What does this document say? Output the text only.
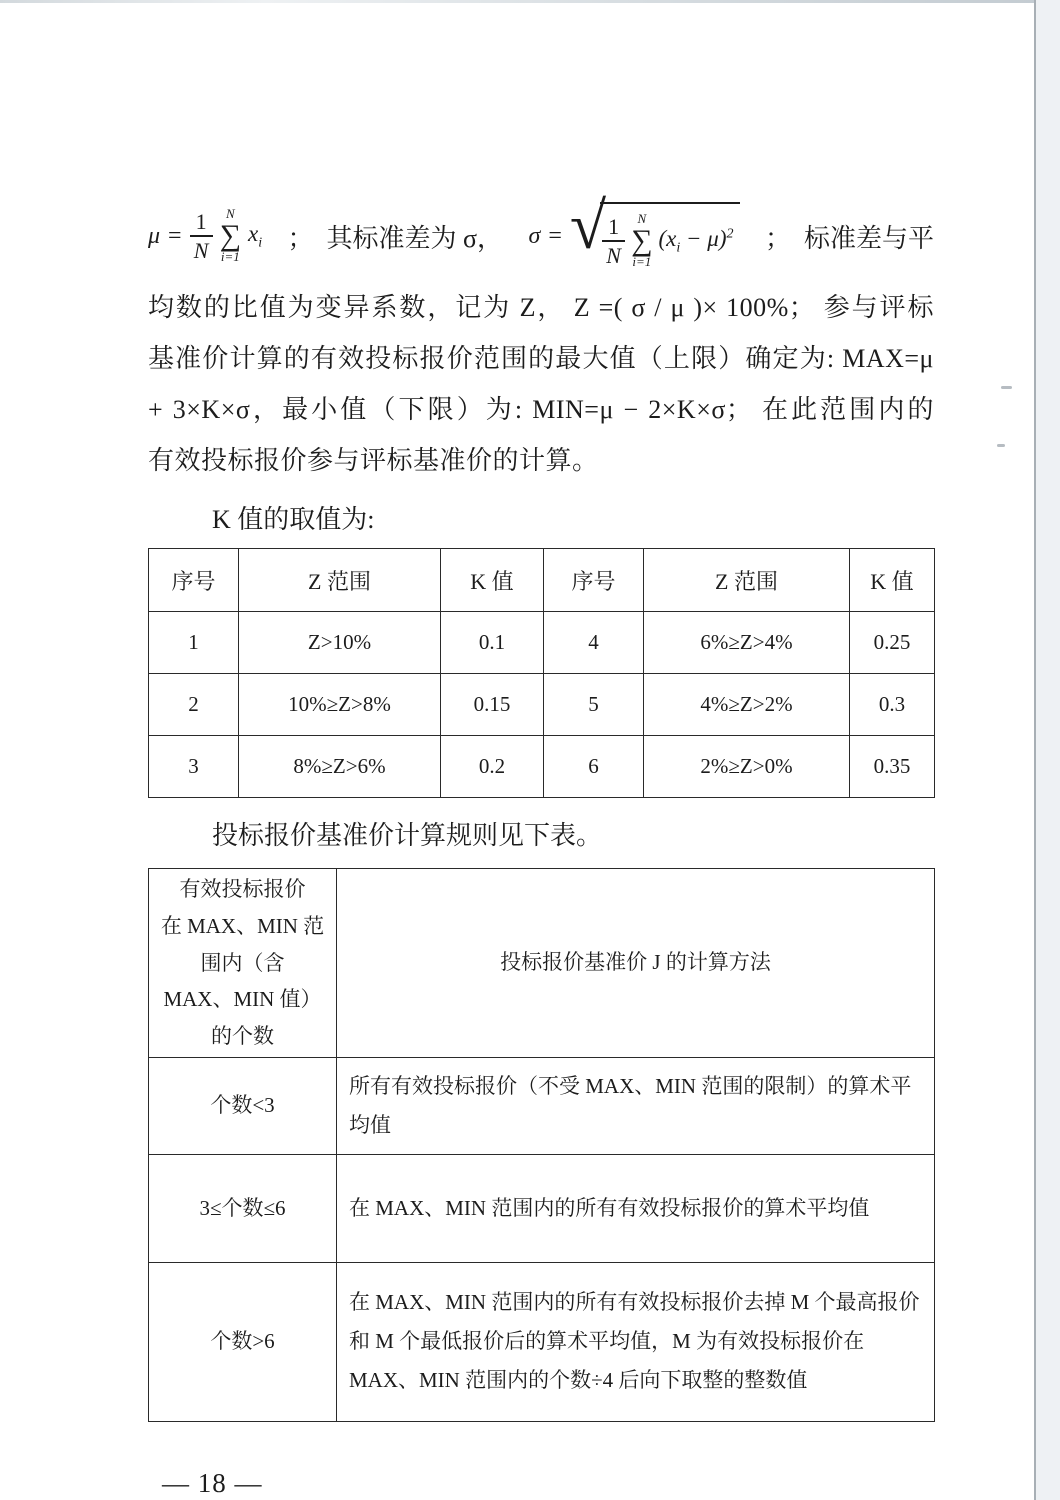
$\mu = \frac{1}{N}$ N
∑
i=1
$x_i$ ；  其标准差为 σ， σ = √
$\frac{1}{N}$ N
∑
i=1
$(x_i - \mu)^2$ ；  标准差与平
均数的比值为变异系数，记为 Z， Z =( σ / μ )× 100%； 参与评标
基准价计算的有效投标报价范围的最大值（上限）确定为: MAX=μ
+ 3×K×σ，最小值（下限）为: MIN=μ − 2×K×σ； 在此范围内的
有效投标报价参与评标基准价的计算。
K 值的取值为:
序号	Z 范围	K 值	序号	Z 范围	K 值
1	Z>10%	0.1	4	6%≥Z>4%	0.25
2	10%≥Z>8%	0.15	5	4%≥Z>2%	0.3
3	8%≥Z>6%	0.2	6	2%≥Z>0%	0.35
投标报价基准价计算规则见下表。
有效投标报价
在 MAX、MIN 范围内（含
MAX、MIN 值）的个数	投标报价基准价 J 的计算方法
个数<3	所有有效投标报价（不受 MAX、MIN 范围的限制）的算术平均值
3≤个数≤6	在 MAX、MIN 范围内的所有有效投标报价的算术平均值
个数>6	在 MAX、MIN 范围内的所有有效投标报价去掉 M 个最高报价和 M 个最低报价后的算术平均值，M 为有效投标报价在 MAX、MIN 范围内的个数÷4 后向下取整的整数值
— 18 —
